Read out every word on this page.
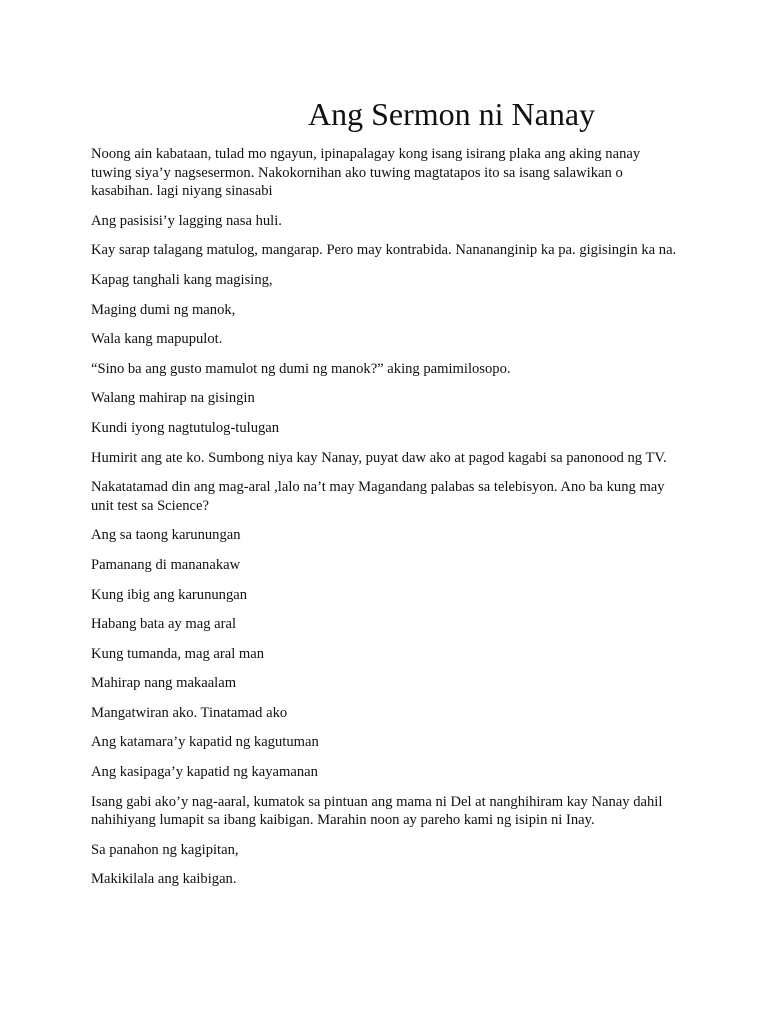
Ang Sermon ni Nanay

Noong ain kabataan, tulad mo ngayun, ipinapalagay kong isang isirang plaka ang aking nanay tuwing siya’y nagsesermon. Nakokornihan ako tuwing magtatapos ito sa isang salawikan o kasabihan. lagi niyang sinasabi

Ang pasisisi’y lagging nasa huli.

Kay sarap talagang matulog, mangarap. Pero may kontrabida. Nanananginip ka pa. gigisingin ka na.

Kapag tanghali kang magising,

Maging dumi ng manok,

Wala kang mapupulot.

“Sino ba ang gusto mamulot ng dumi ng manok?” aking pamimilosopo.

Walang mahirap na gisingin

Kundi iyong nagtutulog-tulugan

Humirit ang ate ko. Sumbong niya kay Nanay, puyat daw ako at pagod kagabi sa panonood ng TV.

Nakatatamad din ang mag-aral ,lalo na’t may Magandang palabas sa telebisyon. Ano ba kung may unit test sa Science?

Ang sa taong karunungan

Pamanang di mananakaw

Kung ibig ang karunungan

Habang bata ay mag aral

Kung tumanda, mag aral man

Mahirap nang makaalam

Mangatwiran ako. Tinatamad ako

Ang katamara’y kapatid ng kagutuman

Ang kasipaga’y kapatid ng kayamanan

Isang gabi ako’y nag-aaral, kumatok sa pintuan ang mama ni Del at nanghihiram kay Nanay dahil nahihiyang lumapit sa ibang kaibigan. Marahin noon ay pareho kami ng isipin ni Inay.

Sa panahon ng kagipitan,

Makikilala ang kaibigan.
